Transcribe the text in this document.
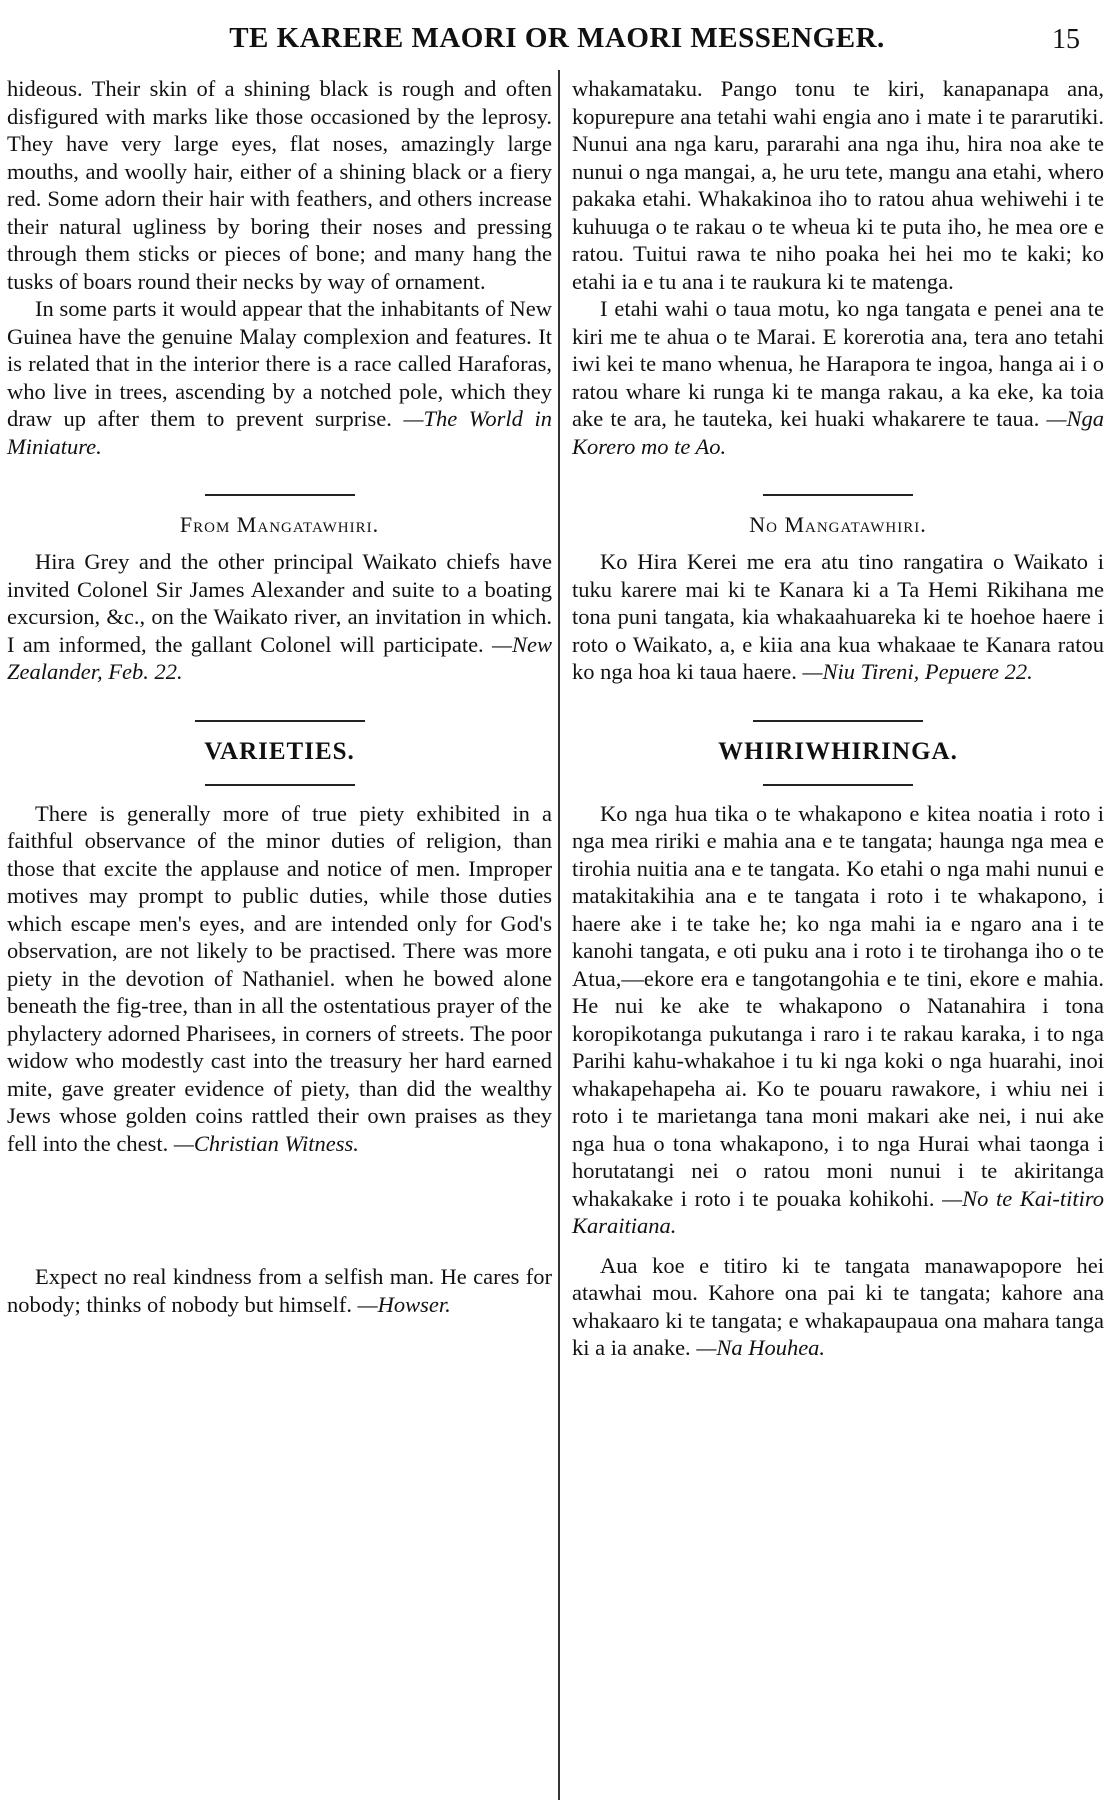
TE KARERE MAORI OR MAORI MESSENGER.	15

hideous. Their skin of a shining black is rough and often disfigured with marks like those occasioned by the leprosy. They have very large eyes, flat noses, amazingly large mouths, and woolly hair, either of a shining black or a fiery red. Some adorn their hair with feathers, and others increase their natural ugliness by boring their noses and pressing through them sticks or pieces of bone; and many hang the tusks of boars round their necks by way of ornament.

In some parts it would appear that the inhabitants of New Guinea have the genuine Malay complexion and features. It is related that in the interior there is a race called Haraforas, who live in trees, ascending by a notched pole, which they draw up after them to prevent surprise. —The World in Miniature.

From Mangatawhiri.

Hira Grey and the other principal Waikato chiefs have invited Colonel Sir James Alexander and suite to a boating excursion, &c., on the Waikato river, an invitation in which. I am informed, the gallant Colonel will participate. —New Zealander, Feb. 22.

VARIETIES.

There is generally more of true piety exhibited in a faithful observance of the minor duties of religion, than those that excite the applause and notice of men. Improper motives may prompt to public duties, while those duties which escape men's eyes, and are intended only for God's observation, are not likely to be practised. There was more piety in the devotion of Nathaniel. when he bowed alone beneath the fig-tree, than in all the ostentatious prayer of the phylactery adorned Pharisees, in corners of streets. The poor widow who modestly cast into the treasury her hard earned mite, gave greater evidence of piety, than did the wealthy Jews whose golden coins rattled their own praises as they fell into the chest. —Christian Witness.

Expect no real kindness from a selfish man. He cares for nobody; thinks of nobody but himself. —Howser.

whakamataku. Pango tonu te kiri, kanapanapa ana, kopurepure ana tetahi wahi engia ano i mate i te pararutiki. Nunui ana nga karu, pararahi ana nga ihu, hira noa ake te nunui o nga mangai, a, he uru tete, mangu ana etahi, whero pakaka etahi. Whakakinoa iho to ratou ahua wehiwehi i te kuhuuga o te rakau o te wheua ki te puta iho, he mea ore e ratou. Tuitui rawa te niho poaka hei hei mo te kaki; ko etahi ia e tu ana i te raukura ki te matenga.

I etahi wahi o taua motu, ko nga tangata e penei ana te kiri me te ahua o te Marai. E korerotia ana, tera ano tetahi iwi kei te mano whenua, he Harapora te ingoa, hanga ai i o ratou whare ki runga ki te manga rakau, a ka eke, ka toia ake te ara, he tauteka, kei huaki whakarere te taua. —Nga Korero mo te Ao.

No Mangatawhiri.

Ko Hira Kerei me era atu tino rangatira o Waikato i tuku karere mai ki te Kanara ki a Ta Hemi Rikihana me tona puni tangata, kia whakaahuareka ki te hoehoe haere i roto o Waikato, a, e kiia ana kua whakaae te Kanara ratou ko nga hoa ki taua haere. —Niu Tireni, Pepuere 22.

WHIRIWHIRINGA.

Ko nga hua tika o te whakapono e kitea noatia i roto i nga mea ririki e mahia ana e te tangata; haunga nga mea e tirohia nuitia ana e te tangata. Ko etahi o nga mahi nunui e matakitakihia ana e te tangata i roto i te whakapono, i haere ake i te take he; ko nga mahi ia e ngaro ana i te kanohi tangata, e oti puku ana i roto i te tirohanga iho o te Atua,—ekore era e tangotangohia e te tini, ekore e mahia. He nui ke ake te whakapono o Natanahira i tona koropikotanga pukutanga i raro i te rakau karaka, i to nga Parihi kahu-whakahoe i tu ki nga koki o nga huarahi, inoi whakapehapeha ai. Ko te pouaru rawakore, i whiu nei i roto i te marietanga tana moni makari ake nei, i nui ake nga hua o tona whakapono, i to nga Hurai whai taonga i horutatangi nei o ratou moni nunui i te akiritanga whakakake i roto i te pouaka kohikohi. —No te Kai-titiro Karaitiana.

Aua koe e titiro ki te tangata manawapopore hei atawhai mou. Kahore ona pai ki te tangata; kahore ana whakaaro ki te tangata; e whakapaupaua ona mahara tanga ki a ia anake. —Na Houhea.
